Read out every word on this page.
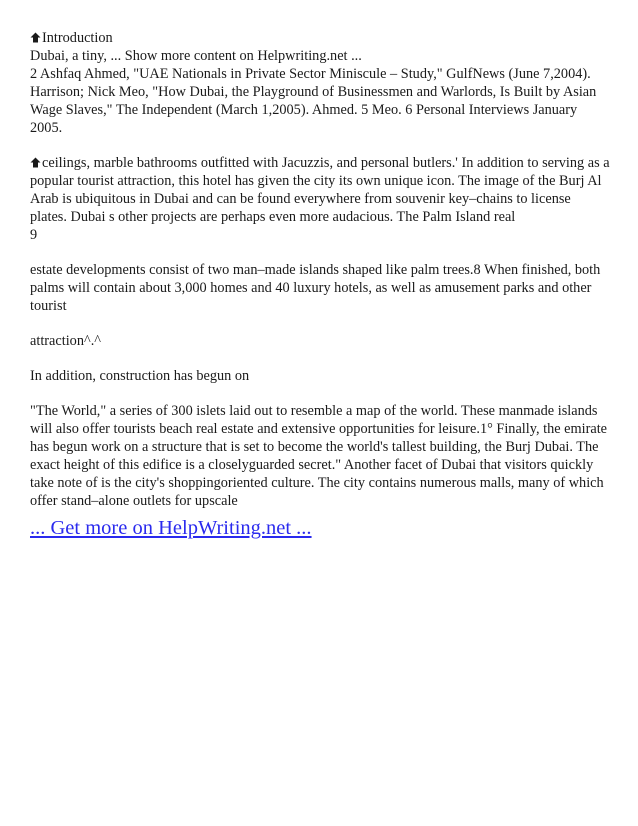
Introduction

Dubai, a tiny, ... Show more content on Helpwriting.net ...

2 Ashfaq Ahmed, "UAE Nationals in Private Sector Miniscule – Study," GulfNews (June 7,2004). Harrison; Nick Meo, "How Dubai, the Playground of Businessmen and Warlords, Is Built by Asian Wage Slaves," The Independent (March 1,2005). Ahmed. 5 Meo. 6 Personal Interviews January 2005.

ceilings, marble bathrooms outfitted with Jacuzzis, and personal butlers.' In addition to serving as a popular tourist attraction, this hotel has given the city its own unique icon. The image of the Burj Al Arab is ubiquitous in Dubai and can be found everywhere from souvenir key–chains to license plates. Dubai s other projects are perhaps even more audacious. The Palm Island real

9

estate developments consist of two man–made islands shaped like palm trees.8 When finished, both palms will contain about 3,000 homes and 40 luxury hotels, as well as amusement parks and other tourist

attraction^.^

In addition, construction has begun on

"The World," a series of 300 islets laid out to resemble a map of the world. These manmade islands will also offer tourists beach real estate and extensive opportunities for leisure.1° Finally, the emirate has begun work on a structure that is set to become the world's tallest building, the Burj Dubai. The exact height of this edifice is a closelyguarded secret." Another facet of Dubai that visitors quickly take note of is the city's shoppingoriented culture. The city contains numerous malls, many of which offer stand–alone outlets for upscale

... Get more on HelpWriting.net ...
